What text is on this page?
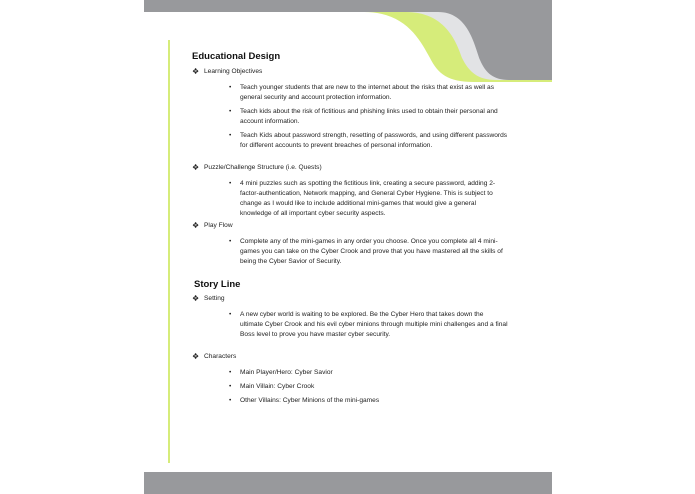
Educational Design
❖ Learning Objectives
• Teach younger students that are new to the internet about the risks that exist as well as general security and account protection information.
• Teach kids about the risk of fictitious and phishing links used to obtain their personal and account information.
• Teach Kids about password strength, resetting of passwords, and using different passwords for different accounts to prevent breaches of personal information.
❖ Puzzle/Challenge Structure (i.e. Quests)
• 4 mini puzzles such as spotting the fictitious link, creating a secure password, adding 2-factor-authentication, Network mapping, and General Cyber Hygiene. This is subject to change as I would like to include additional mini-games that would give a general knowledge of all important cyber security aspects.
❖ Play Flow
• Complete any of the mini-games in any order you choose. Once you complete all 4 mini-games you can take on the Cyber Crook and prove that you have mastered all the skills of being the Cyber Savior of Security.
Story Line
❖ Setting
• A new cyber world is waiting to be explored. Be the Cyber Hero that takes down the ultimate Cyber Crook and his evil cyber minions through multiple mini challenges and a final Boss level to prove you have master cyber security.
❖ Characters
• Main Player/Hero: Cyber Savior
• Main Villain: Cyber Crook
• Other Villains: Cyber Minions of the mini-games
